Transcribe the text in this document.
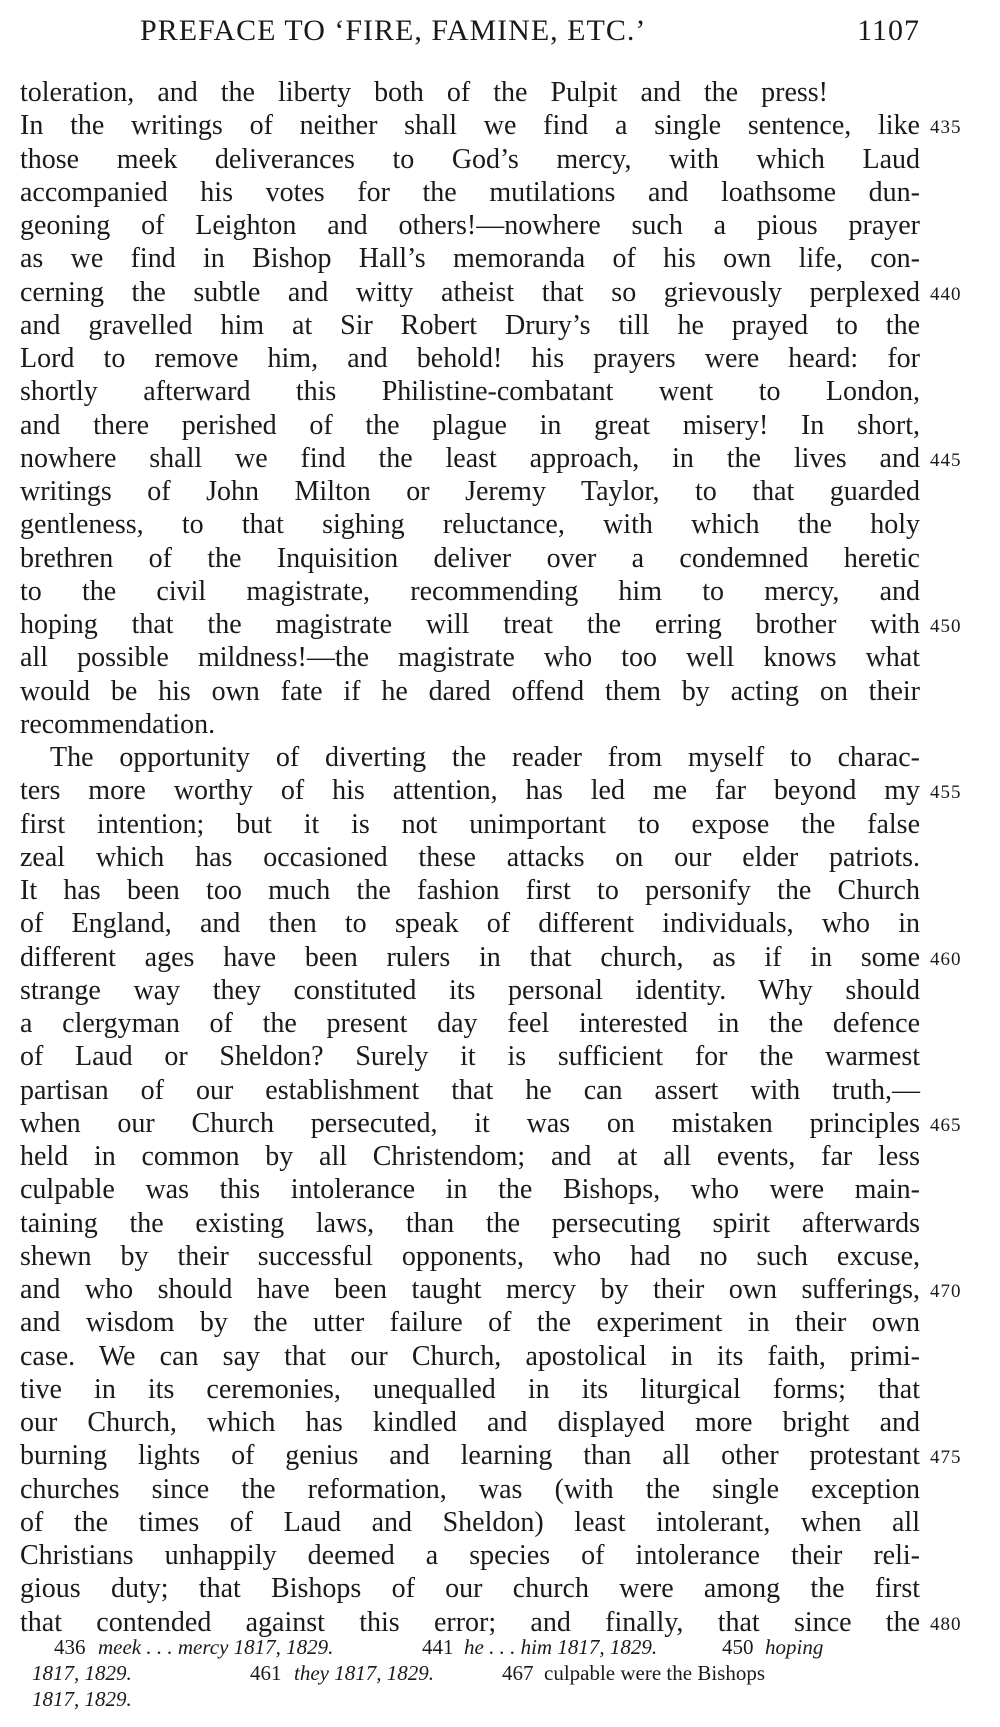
PREFACE TO ‘FIRE, FAMINE, ETC.’	1107
toleration, and the liberty both of the Pulpit and the press!
In the writings of neither shall we find a single sentence, like 435
those meek deliverances to God’s mercy, with which Laud
accompanied his votes for the mutilations and loathsome dun-
geoning of Leighton and others!—nowhere such a pious prayer
as we find in Bishop Hall’s memoranda of his own life, con-
cerning the subtle and witty atheist that so grievously perplexed 440
and gravelled him at Sir Robert Drury’s till he prayed to the
Lord to remove him, and behold! his prayers were heard: for
shortly afterward this Philistine-combatant went to London,
and there perished of the plague in great misery! In short,
nowhere shall we find the least approach, in the lives and 445
writings of John Milton or Jeremy Taylor, to that guarded
gentleness, to that sighing reluctance, with which the holy
brethren of the Inquisition deliver over a condemned heretic
to the civil magistrate, recommending him to mercy, and
hoping that the magistrate will treat the erring brother with 450
all possible mildness!—the magistrate who too well knows what
would be his own fate if he dared offend them by acting on their
recommendation.
The opportunity of diverting the reader from myself to charac-
ters more worthy of his attention, has led me far beyond my 455
first intention; but it is not unimportant to expose the false
zeal which has occasioned these attacks on our elder patriots.
It has been too much the fashion first to personify the Church
of England, and then to speak of different individuals, who in
different ages have been rulers in that church, as if in some 460
strange way they constituted its personal identity. Why should
a clergyman of the present day feel interested in the defence
of Laud or Sheldon? Surely it is sufficient for the warmest
partisan of our establishment that he can assert with truth,—
when our Church persecuted, it was on mistaken principles 465
held in common by all Christendom; and at all events, far less
culpable was this intolerance in the Bishops, who were main-
taining the existing laws, than the persecuting spirit afterwards
shewn by their successful opponents, who had no such excuse,
and who should have been taught mercy by their own sufferings, 470
and wisdom by the utter failure of the experiment in their own
case. We can say that our Church, apostolical in its faith, primi-
tive in its ceremonies, unequalled in its liturgical forms; that
our Church, which has kindled and displayed more bright and
burning lights of genius and learning than all other protestant 475
churches since the reformation, was (with the single exception
of the times of Laud and Sheldon) least intolerant, when all
Christians unhappily deemed a species of intolerance their reli-
gious duty; that Bishops of our church were among the first
that contended against this error; and finally, that since the 480
436 meek . . . mercy 1817, 1829.	441 he . . . him 1817, 1829.	450 hoping
1817, 1829.	461 they 1817, 1829.	467 culpable were the Bishops
1817, 1829.
